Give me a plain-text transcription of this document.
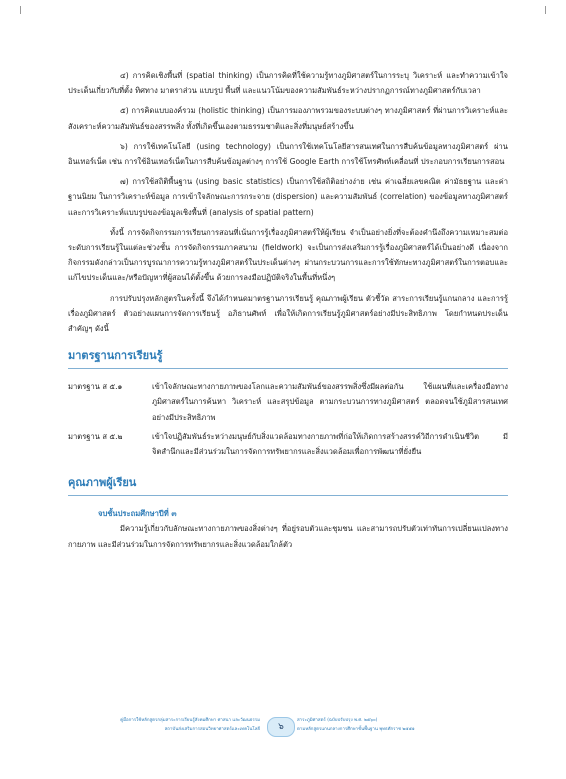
๔) การคิดเชิงพื้นที่ (spatial thinking) เป็นการคิดที่ใช้ความรู้ทางภูมิศาสตร์ในการระบุ วิเคราะห์ และทำความเข้าใจประเด็นเกี่ยวกับที่ตั้ง ทิศทาง มาตราส่วน แบบรูป พื้นที่ และแนวโน้มของความสัมพันธ์ระหว่างปรากฏการณ์ทางภูมิศาสตร์กับเวลา

๕) การคิดแบบองค์รวม (holistic thinking) เป็นการมองภาพรวมของระบบต่างๆ ทางภูมิศาสตร์ ที่ผ่านการวิเคราะห์และสังเคราะห์ความสัมพันธ์ของสรรพสิ่ง ทั้งที่เกิดขึ้นเองตามธรรมชาติและสิ่งที่มนุษย์สร้างขึ้น

๖) การใช้เทคโนโลยี (using technology) เป็นการใช้เทคโนโลยีสารสนเทศในการสืบค้นข้อมูลทางภูมิศาสตร์ ผ่านอินเทอร์เน็ต เช่น การใช้อินเทอร์เน็ตในการสืบค้นข้อมูลต่างๆ การใช้ Google Earth การใช้โทรศัพท์เคลื่อนที่ ประกอบการเรียนการสอน

๗) การใช้สถิติพื้นฐาน (using basic statistics) เป็นการใช้สถิติอย่างง่าย เช่น ค่าเฉลี่ยเลขคณิต ค่ามัธยฐาน และค่าฐานนิยม ในการวิเคราะห์ข้อมูล การเข้าใจลักษณะการกระจาย (dispersion) และความสัมพันธ์ (correlation) ของข้อมูลทางภูมิศาสตร์ และการวิเคราะห์แบบรูปของข้อมูลเชิงพื้นที่ (analysis of spatial pattern)

ทั้งนี้ การจัดกิจกรรมการเรียนการสอนที่เน้นการรู้เรื่องภูมิศาสตร์ให้ผู้เรียน จำเป็นอย่างยิ่งที่จะต้องคำนึงถึงความเหมาะสมต่อระดับการเรียนรู้ในแต่ละช่วงชั้น การจัดกิจกรรมภาคสนาม (fieldwork) จะเป็นการส่งเสริมการรู้เรื่องภูมิศาสตร์ได้เป็นอย่างดี เนื่องจากกิจกรรมดังกล่าวเป็นการบูรณาการความรู้ทางภูมิศาสตร์ในประเด็นต่างๆ ผ่านกระบวนการและการใช้ทักษะทางภูมิศาสตร์ในการตอบและแก้ไขประเด็นและ/หรือปัญหาที่ผู้สอนได้ตั้งขึ้น ด้วยการลงมือปฏิบัติจริงในพื้นที่หนึ่งๆ

การปรับปรุงหลักสูตรในครั้งนี้ จึงได้กำหนดมาตรฐานการเรียนรู้ คุณภาพผู้เรียน ตัวชี้วัด สาระการเรียนรู้แกนกลาง และการรู้เรื่องภูมิศาสตร์ ตัวอย่างแผนการจัดการเรียนรู้ อภิธานศัพท์ เพื่อให้เกิดการเรียนรู้ภูมิศาสตร์อย่างมีประสิทธิภาพ โดยกำหนดประเด็นสำคัญๆ ดังนี้

มาตรฐานการเรียนรู้
มาตรฐาน ส ๕.๑	เข้าใจลักษณะทางกายภาพของโลกและความสัมพันธ์ของสรรพสิ่งซึ่งมีผลต่อกัน ใช้แผนที่และเครื่องมือทางภูมิศาสตร์ในการค้นหา วิเคราะห์ และสรุปข้อมูล ตามกระบวนการทางภูมิศาสตร์ ตลอดจนใช้ภูมิสารสนเทศอย่างมีประสิทธิภาพ
มาตรฐาน ส ๕.๒	เข้าใจปฏิสัมพันธ์ระหว่างมนุษย์กับสิ่งแวดล้อมทางกายภาพที่ก่อให้เกิดการสร้างสรรค์วิถีการดำเนินชีวิต มีจิตสำนึกและมีส่วนร่วมในการจัดการทรัพยากรและสิ่งแวดล้อมเพื่อการพัฒนาที่ยั่งยืน
คุณภาพผู้เรียน
จบชั้นประถมศึกษาปีที่ ๓

มีความรู้เกี่ยวกับลักษณะทางกายภาพของสิ่งต่างๆ ที่อยู่รอบตัวและชุมชน และสามารถปรับตัวเท่าทันการเปลี่ยนแปลงทางกายภาพ และมีส่วนร่วมในการจัดการทรัพยากรและสิ่งแวดล้อมใกล้ตัว

คู่มือการใช้หลักสูตรกลุ่มสาระการเรียนรู้สังคมศึกษา ศาสนา และวัฒนธรรม
สถาบันส่งเสริมการสอนวิทยาศาสตร์และเทคโนโลยี	๖
สาระภูมิศาสตร์ (ฉบับปรับปรุง พ.ศ. ๒๕๖๐)
ตามหลักสูตรแกนกลางการศึกษาขั้นพื้นฐาน พุทธศักราช ๒๕๕๑
